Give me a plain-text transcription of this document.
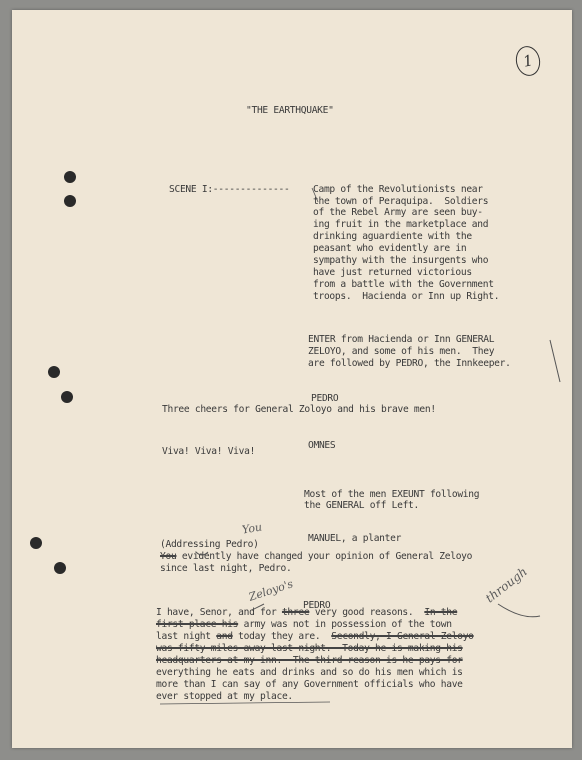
1

"THE EARTHQUAKE"

SCENE I:-------------- Camp of the Revolutionists near

the town of Peraquipa.  Soldiers

of the Rebel Army are seen buy-

ing fruit in the marketplace and

drinking aguardiente with the

peasant who evidently are in

sympathy with the insurgents who

have just returned victorious

from a battle with the Government

troops.  Hacienda or Inn up Right.

ENTER from Hacienda or Inn GENERAL

ZELOYO, and some of his men.  They

are followed by PEDRO, the Innkeeper.

PEDRO

Three cheers for General Zoloyo and his brave men!

OMNES

Viva! Viva! Viva!

Most of the men EXEUNT following

the GENERAL off Left.

You

MANUEL, a planter

(Addressing Pedro)

You evidently have changed your opinion of General Zeloyo

since last night, Pedro.

Zeloyo's	through

PEDRO

I have, Senor, and for three very good reasons.  In the

first place his army was not in possession of the town

last night and today they are.  Secondly, I General Zeloyo

was fifty miles away last night.  Today he is making his

headquarters at my inn.  The third reason is he pays for

everything he eats and drinks and so do his men which is

more than I can say of any Government officials who have

ever stopped at my place.
